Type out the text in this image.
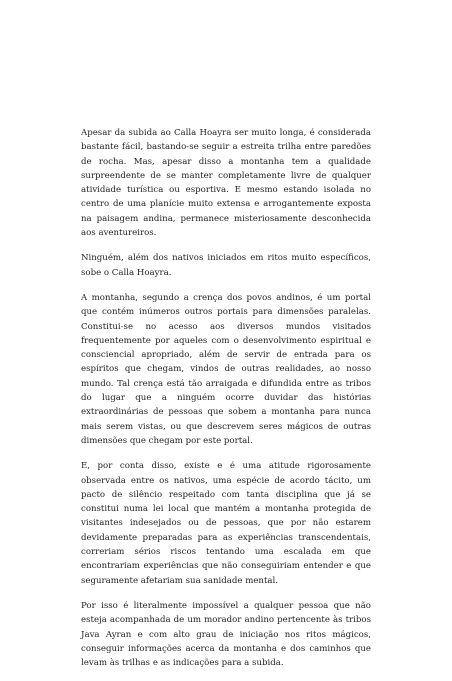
Apesar da subida ao Calla Hoayra ser muito longa, é considerada bastante fácil, bastando-se seguir a estreita trilha entre paredões de rocha. Mas, apesar disso a montanha tem a qualidade surpreendente de se manter completamente livre de qualquer atividade turística ou esportiva. E mesmo estando isolada no centro de uma planície muito extensa e arrogantemente exposta na paisagem andina, permanece misteriosamente desconhecida aos aventureiros.

Ninguém, além dos nativos iniciados em ritos muito específicos, sobe o Calla Hoayra.

A montanha, segundo a crença dos povos andinos, é um portal que contém inúmeros outros portais para dimensões paralelas. Constitui-se no acesso aos diversos mundos visitados frequentemente por aqueles com o desenvolvimento espiritual e consciencial apropriado, além de servir de entrada para os espíritos que chegam, vindos de outras realidades, ao nosso mundo. Tal crença está tão arraigada e difundida entre as tribos do lugar que a ninguém ocorre duvidar das histórias extraordinárias de pessoas que sobem a montanha para nunca mais serem vistas, ou que descrevem seres mágicos de outras dimensões que chegam por este portal.

E, por conta disso, existe e é uma atitude rigorosamente observada entre os nativos, uma espécie de acordo tácito, um pacto de silêncio respeitado com tanta disciplina que já se constitui numa lei local que mantém a montanha protegida de visitantes indesejados ou de pessoas, que por não estarem devidamente preparadas para as experiências transcendentais, correriam sérios riscos tentando uma escalada em que encontrariam experiências que não conseguiriam entender e que seguramente afetariam sua sanidade mental.

Por isso é literalmente impossível a qualquer pessoa que não esteja acompanhada de um morador andino pertencente às tribos Java Ayran e com alto grau de iniciação nos ritos mágicos, conseguir informações acerca da montanha e dos caminhos que levam às trilhas e as indicações para a subida.
